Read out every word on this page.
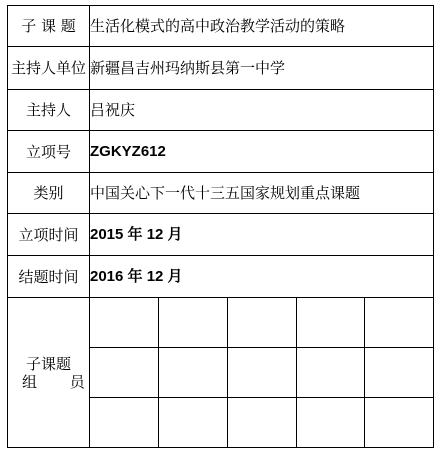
子 课 题	生活化模式的高中政治教学活动的策略				
主持人单位	新疆昌吉州玛纳斯县第一中学				
主持人	吕祝庆				
立项号	ZGKYZ612				
类别	中国关心下一代十三五国家规划重点课题				
立项时间	2015 年 12 月				
结题时间	2016 年 12 月				

子课题
组 员					
